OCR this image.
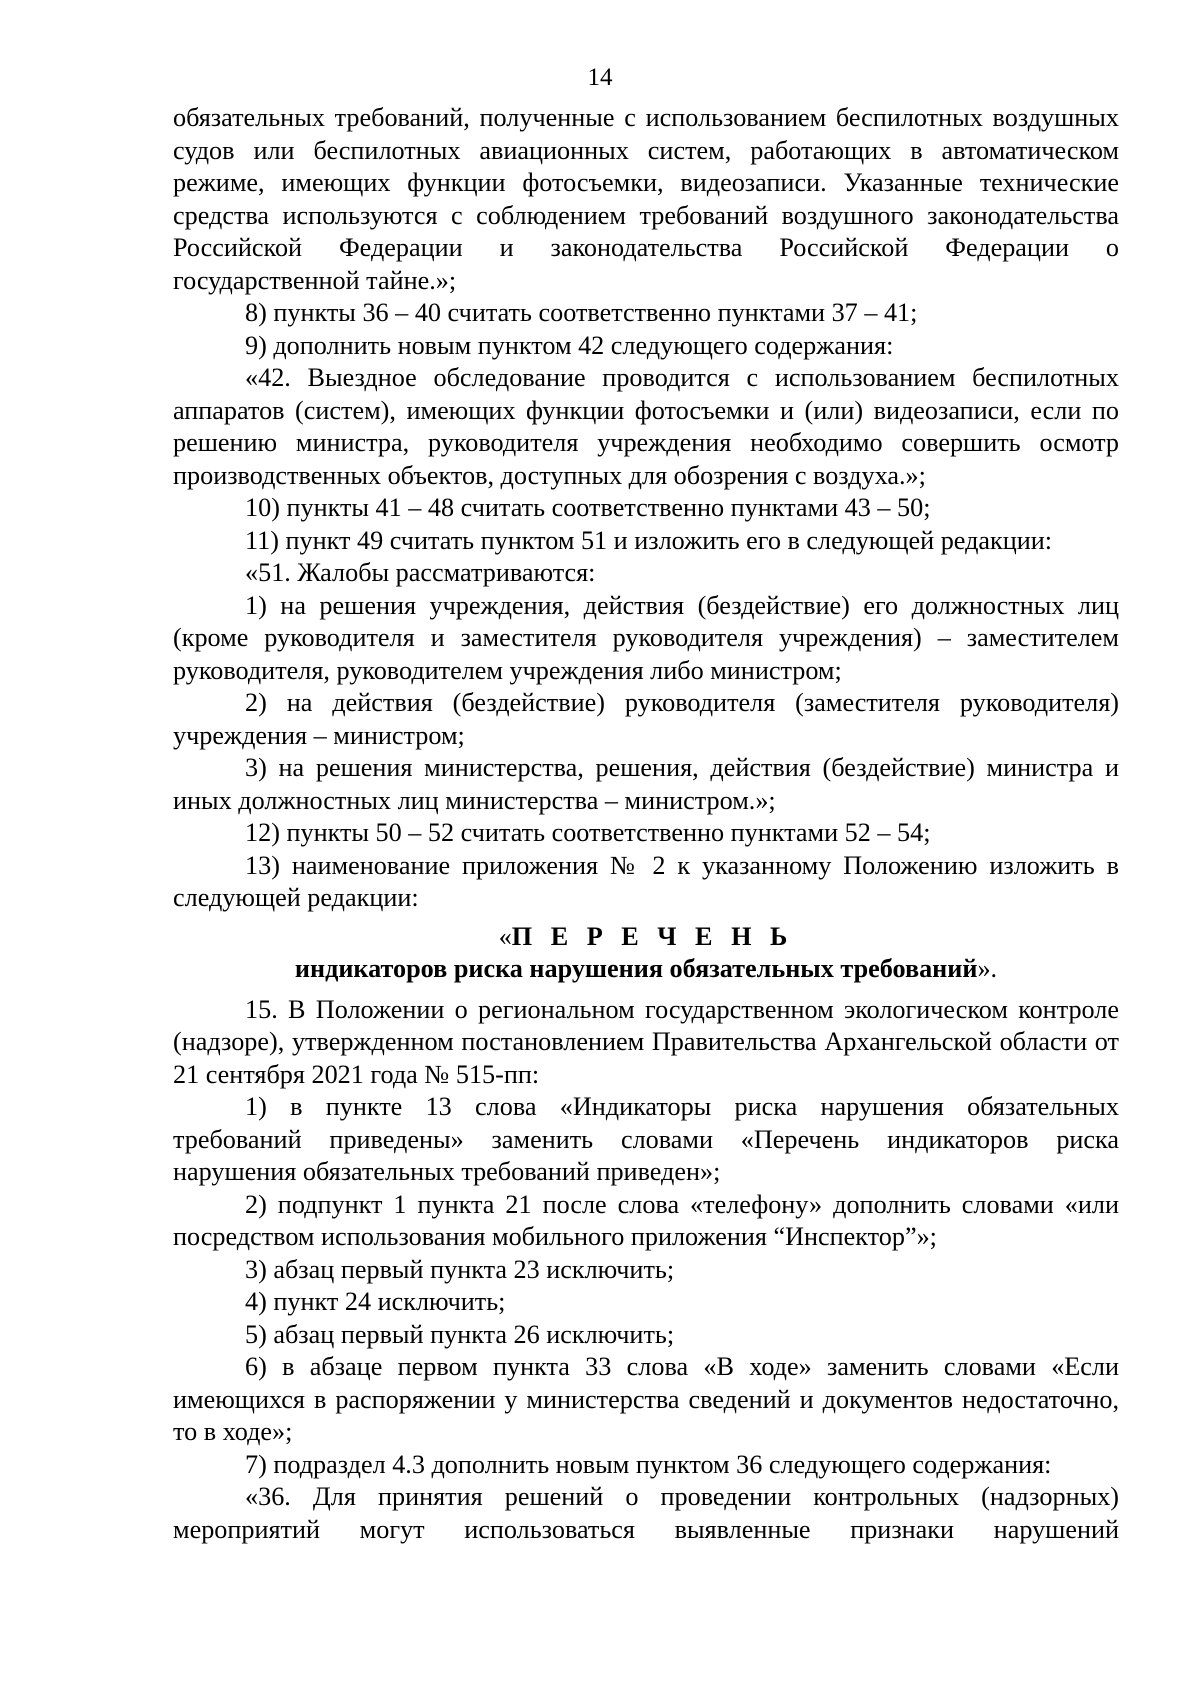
14

обязательных требований, полученные с использованием беспилотных воздушных судов или беспилотных авиационных систем, работающих в автоматическом режиме, имеющих функции фотосъемки, видеозаписи. Указанные технические средства используются с соблюдением требований воздушного законодательства Российской Федерации и законодательства Российской Федерации о государственной тайне.»;

8) пункты 36 – 40 считать соответственно пунктами 37 – 41;

9) дополнить новым пунктом 42 следующего содержания:

«42. Выездное обследование проводится с использованием беспилотных аппаратов (систем), имеющих функции фотосъемки и (или) видеозаписи, если по решению министра, руководителя учреждения необходимо совершить осмотр производственных объектов, доступных для обозрения с воздуха.»;

10) пункты 41 – 48 считать соответственно пунктами 43 – 50;

11) пункт 49 считать пунктом 51 и изложить его в следующей редакции:

«51. Жалобы рассматриваются:

1) на решения учреждения, действия (бездействие) его должностных лиц (кроме руководителя и заместителя руководителя учреждения) – заместителем руководителя, руководителем учреждения либо министром;

2) на действия (бездействие) руководителя (заместителя руководителя) учреждения – министром;

3) на решения министерства, решения, действия (бездействие) министра и иных должностных лиц министерства – министром.»;

12) пункты 50 – 52 считать соответственно пунктами 52 – 54;

13) наименование приложения № 2 к указанному Положению изложить в следующей редакции:

«П Е Р Е Ч Е Н Ь

индикаторов риска нарушения обязательных требований».

15. В Положении о региональном государственном экологическом контроле (надзоре), утвержденном постановлением Правительства Архангельской области от 21 сентября 2021 года № 515-пп:

1) в пункте 13 слова «Индикаторы риска нарушения обязательных требований приведены» заменить словами «Перечень индикаторов риска нарушения обязательных требований приведен»;

2) подпункт 1 пункта 21 после слова «телефону» дополнить словами «или посредством использования мобильного приложения “Инспектор”»;

3) абзац первый пункта 23 исключить;

4) пункт 24 исключить;

5) абзац первый пункта 26 исключить;

6) в абзаце первом пункта 33 слова «В ходе» заменить словами «Если имеющихся в распоряжении у министерства сведений и документов недостаточно, то в ходе»;

7) подраздел 4.3 дополнить новым пунктом 36 следующего содержания:

«36. Для принятия решений о проведении контрольных (надзорных) мероприятий могут использоваться выявленные признаки нарушений
